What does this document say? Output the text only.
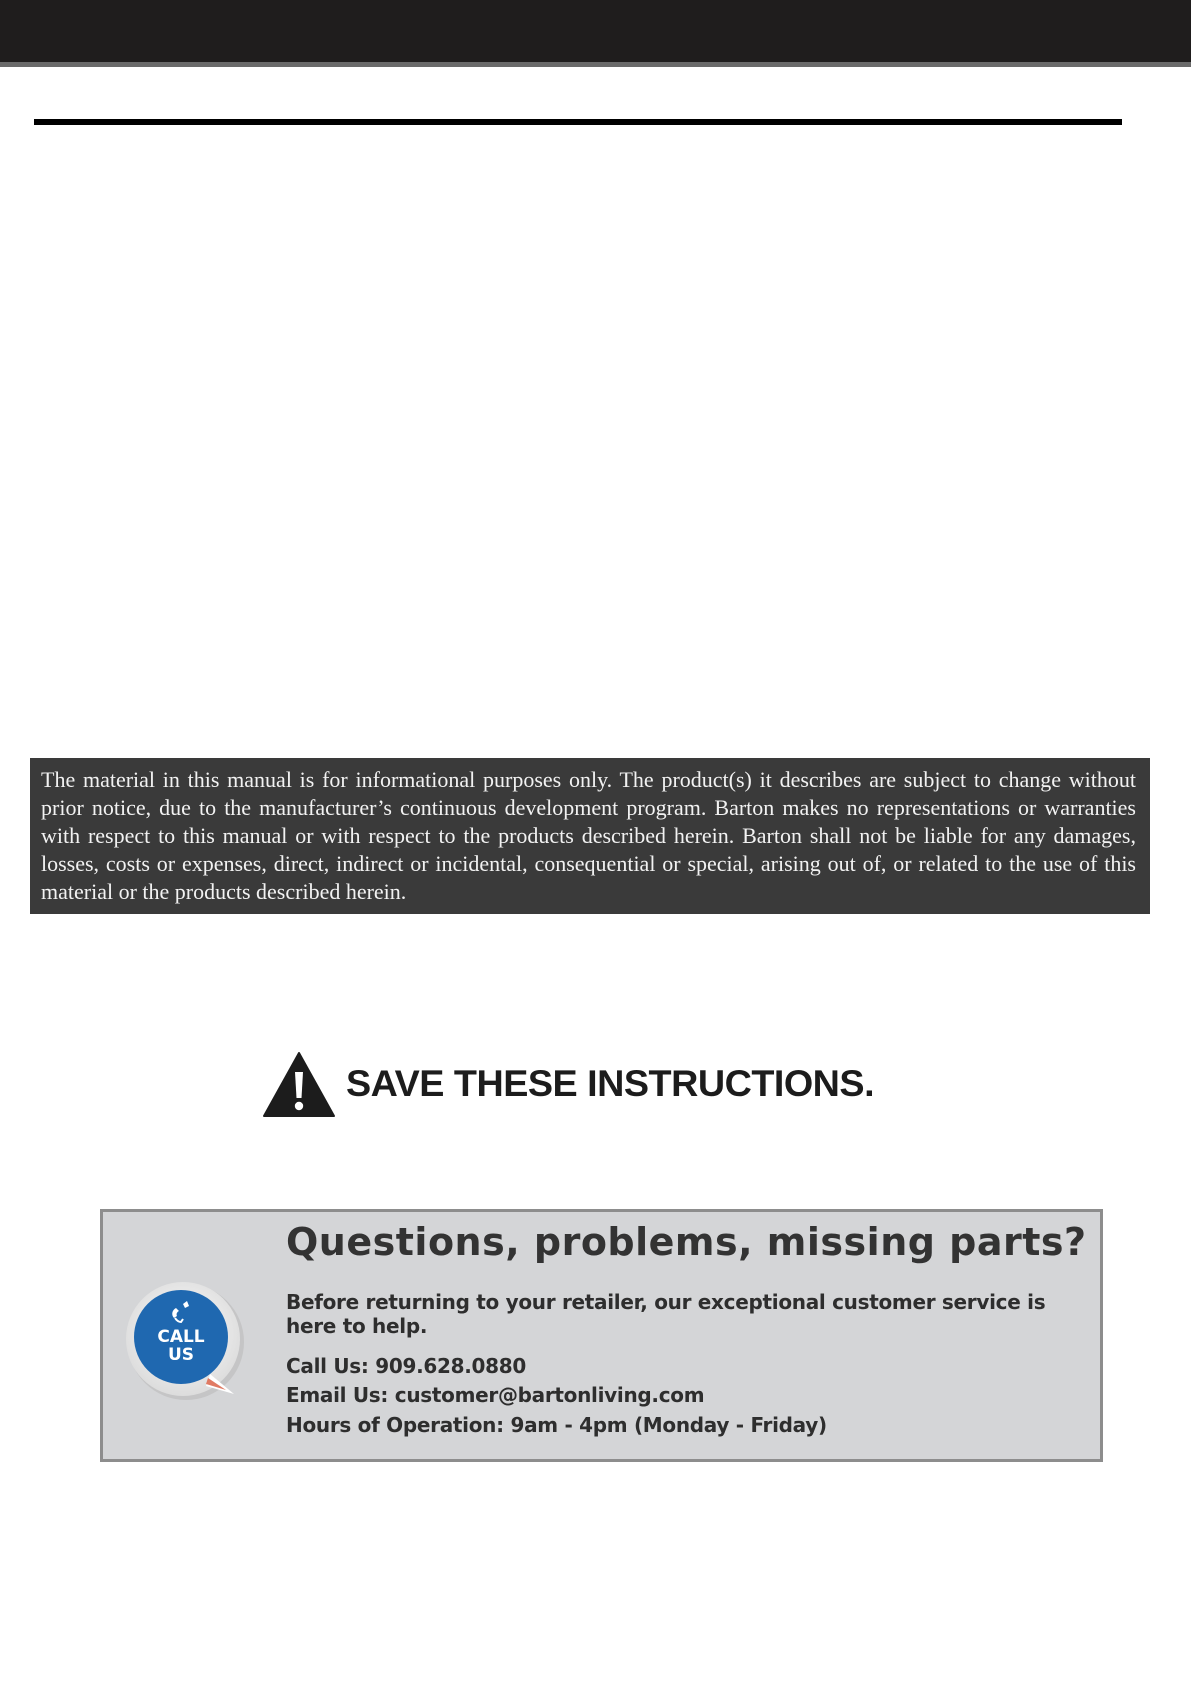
The material in this manual is for informational purposes only. The product(s) it describes are subject to change without prior notice, due to the manufacturer’s continuous development program. Barton makes no representations or warranties with respect to this manual or with respect to the products described herein. Barton shall not be liable for any damages, losses, costs or expenses, direct, indirect or incidental, consequential or special, arising out of, or related to the use of this material or the products described herein.
SAVE THESE INSTRUCTIONS.
CALL
US
Questions, problems, missing parts?
Before returning to your retailer, our exceptional customer service is here to help.
Call Us: 909.628.0880
Email Us: customer@bartonliving.com
Hours of Operation: 9am - 4pm (Monday - Friday)
